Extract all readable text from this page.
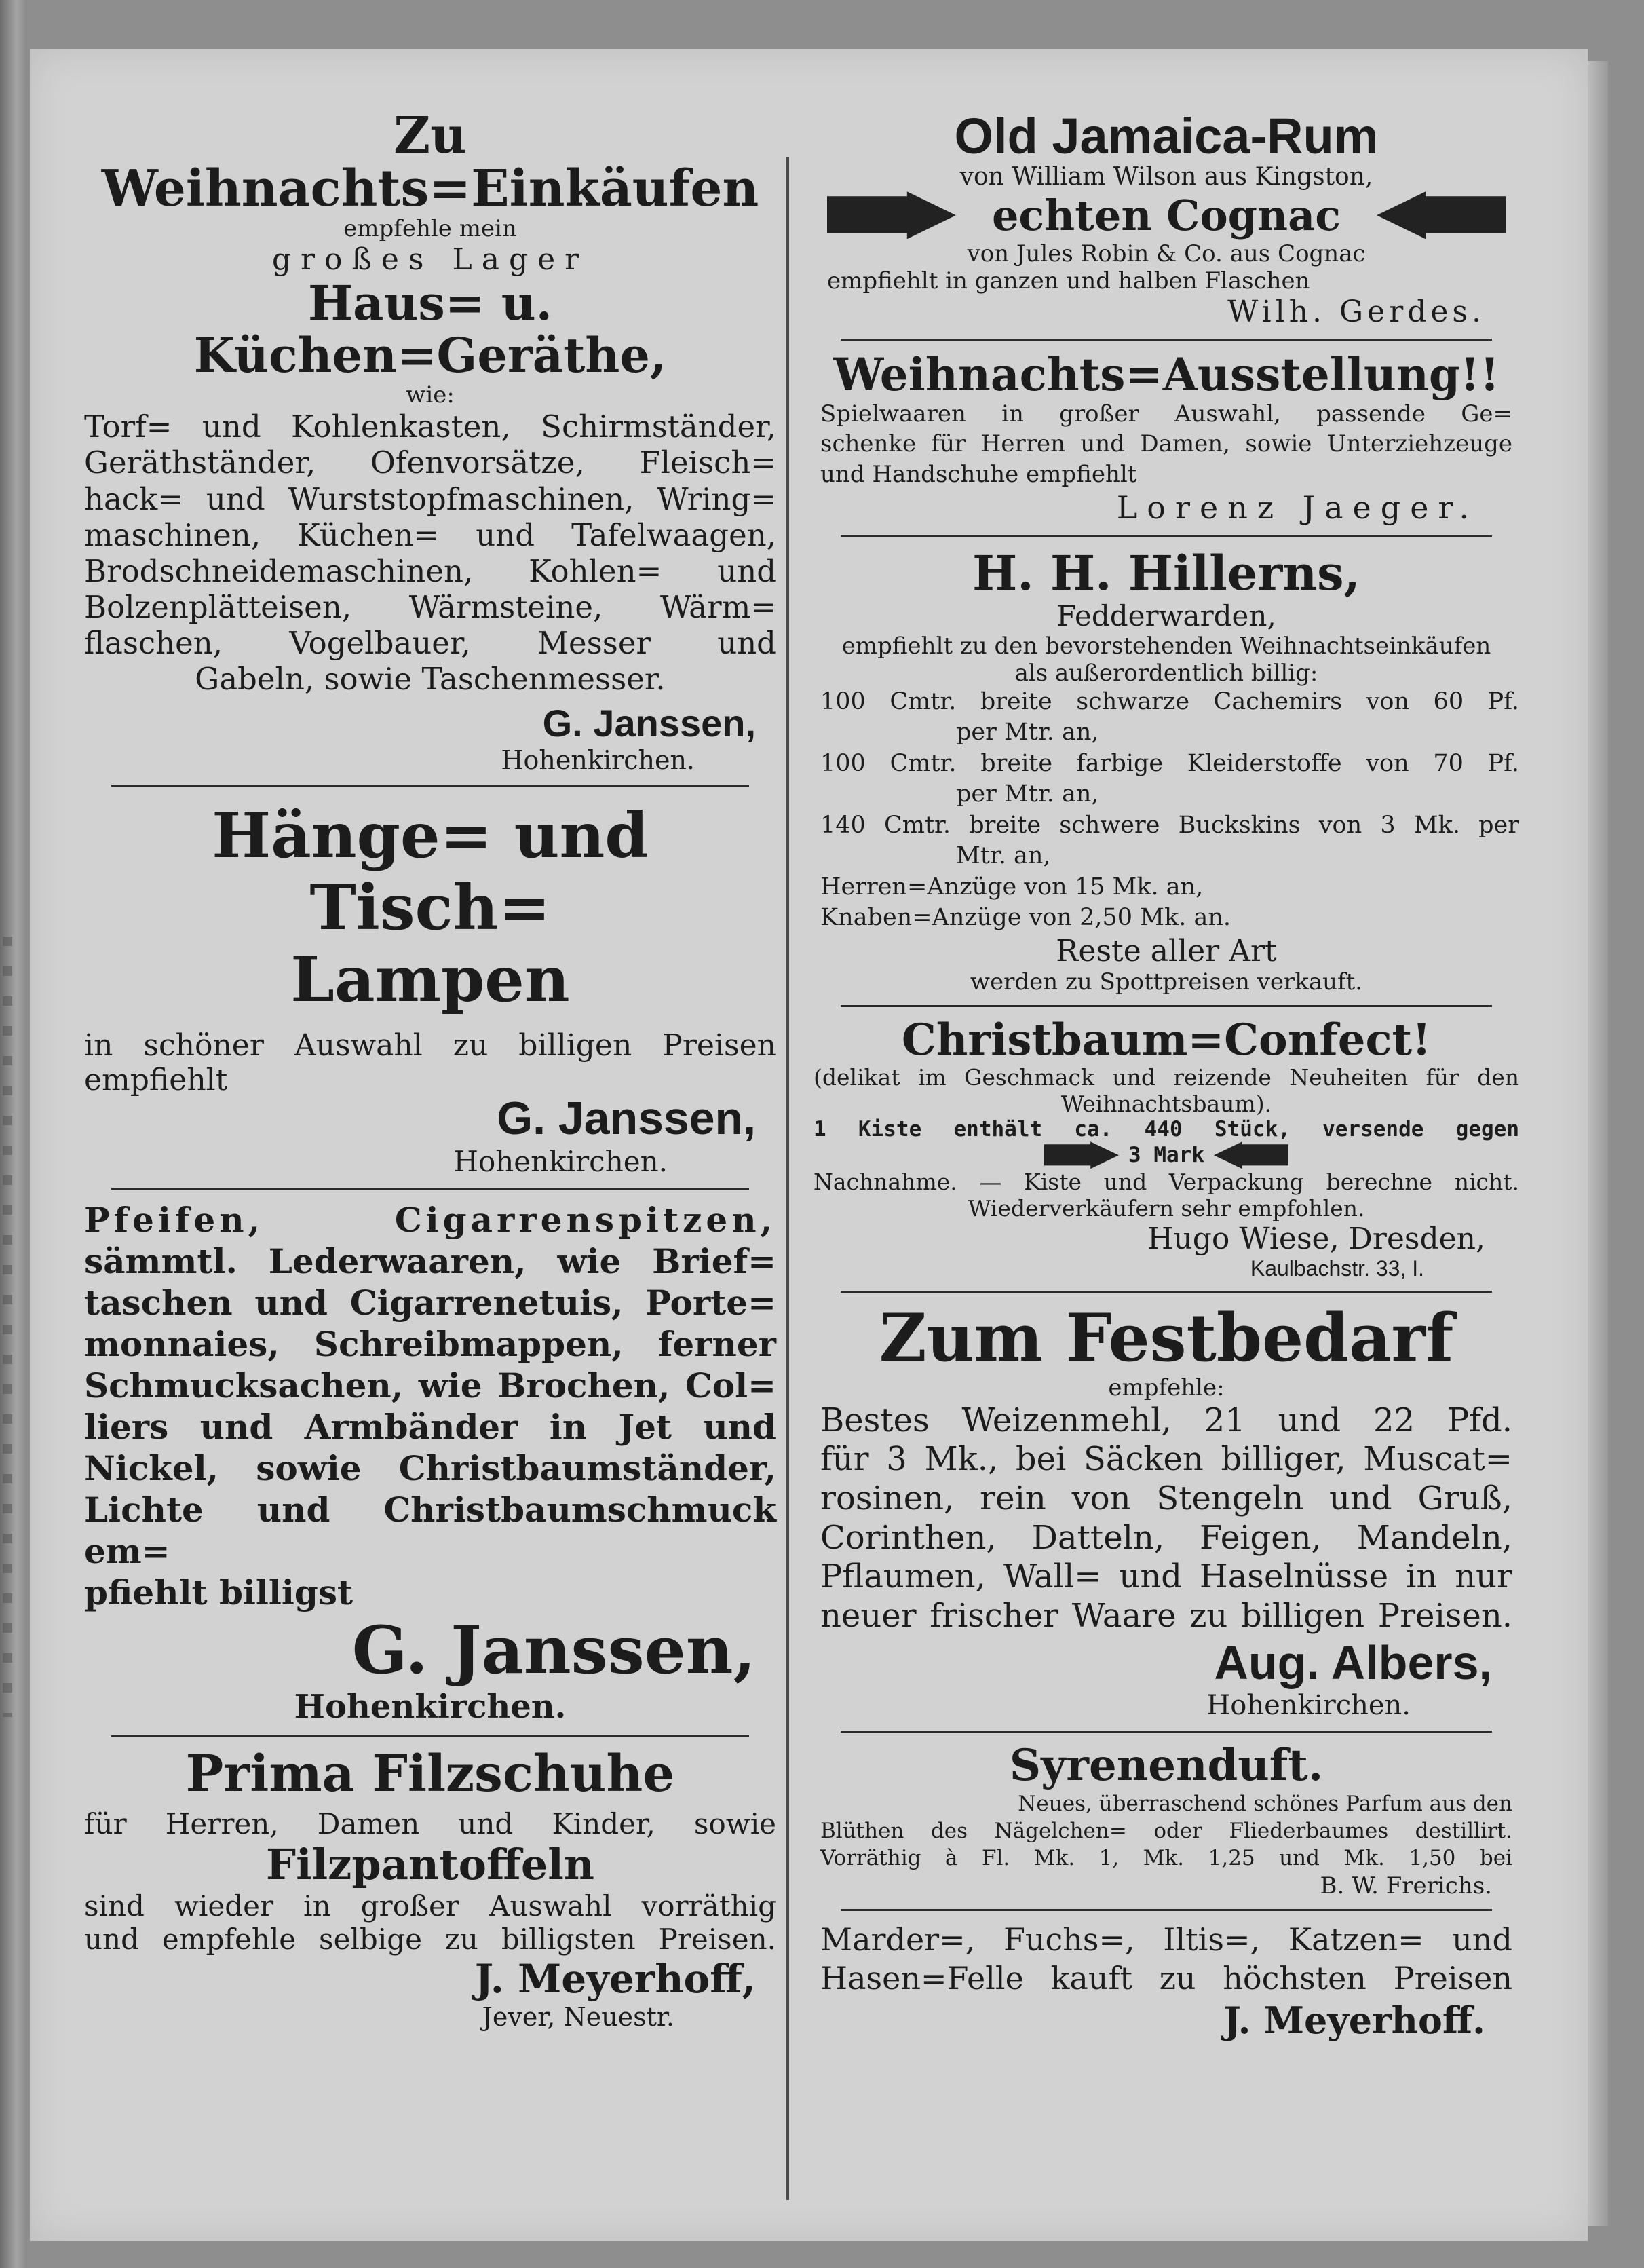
Zu Weihnachts=Einkäufen
empfehle mein
großes Lager
Haus= u. Küchen=Geräthe,
wie:
Torf= und Kohlenkasten, Schirmständer,
Geräthständer, Ofenvorsätze, Fleisch=
hack= und Wurststopfmaschinen, Wring=
maschinen, Küchen= und Tafelwaagen,
Brodschneidemaschinen, Kohlen= und
Bolzenplätteisen, Wärmsteine, Wärm=
flaschen, Vogelbauer, Messer und
Gabeln, sowie Taschenmesser.
G. Janssen,
Hohenkirchen.
Hänge= und Tisch=
Lampen
in schöner Auswahl zu billigen Preisen
empfiehlt
G. Janssen,
Hohenkirchen.
Pfeifen, Cigarrenspitzen,
sämmtl. Lederwaaren, wie Brief=
taschen und Cigarrenetuis, Porte=
monnaies, Schreibmappen, ferner
Schmucksachen, wie Brochen, Col=
liers und Armbänder in Jet und
Nickel, sowie Christbaumständer,
Lichte und Christbaumschmuck em=
pfiehlt billigst
G. Janssen,
Hohenkirchen.
Prima Filzschuhe
für Herren, Damen und Kinder, sowie
Filzpantoffeln
sind wieder in großer Auswahl vorräthig
und empfehle selbige zu billigsten Preisen.
J. Meyerhoff,
Jever, Neuestr.
Old Jamaica-Rum
von William Wilson aus Kingston,
echten Cognac
von Jules Robin & Co. aus Cognac
empfiehlt in ganzen und halben Flaschen
Wilh. Gerdes.
Weihnachts=Ausstellung!!
Spielwaaren in großer Auswahl, passende Ge=
schenke für Herren und Damen, sowie Unterziehzeuge
und Handschuhe empfiehlt
Lorenz Jaeger.
H. H. Hillerns,
Fedderwarden,
empfiehlt zu den bevorstehenden Weihnachtseinkäufen
als außerordentlich billig:
100 Cmtr. breite schwarze Cachemirs von 60 Pf.
per Mtr. an,
100 Cmtr. breite farbige Kleiderstoffe von 70 Pf.
per Mtr. an,
140 Cmtr. breite schwere Buckskins von 3 Mk. per
Mtr. an,
Herren=Anzüge von 15 Mk. an,
Knaben=Anzüge von 2,50 Mk. an.
Reste aller Art
werden zu Spottpreisen verkauft.
Christbaum=Confect!
(delikat im Geschmack und reizende Neuheiten für den
Weihnachtsbaum).
1 Kiste enthält ca. 440 Stück, versende gegen
3 Mark
Nachnahme. — Kiste und Verpackung berechne nicht.
Wiederverkäufern sehr empfohlen.
Hugo Wiese, Dresden,
Kaulbachstr. 33, I.
Zum Festbedarf
empfehle:
Bestes Weizenmehl, 21 und 22 Pfd.
für 3 Mk., bei Säcken billiger, Muscat=
rosinen, rein von Stengeln und Gruß,
Corinthen, Datteln, Feigen, Mandeln,
Pflaumen, Wall= und Haselnüsse in nur
neuer frischer Waare zu billigen Preisen.
Aug. Albers,
Hohenkirchen.
Syrenenduft.
Neues, überraschend schönes Parfum aus den
Blüthen des Nägelchen= oder Fliederbaumes destillirt.
Vorräthig à Fl. Mk. 1, Mk. 1,25 und Mk. 1,50 bei
B. W. Frerichs.
Marder=, Fuchs=, Iltis=, Katzen= und
Hasen=Felle kauft zu höchsten Preisen
J. Meyerhoff.
